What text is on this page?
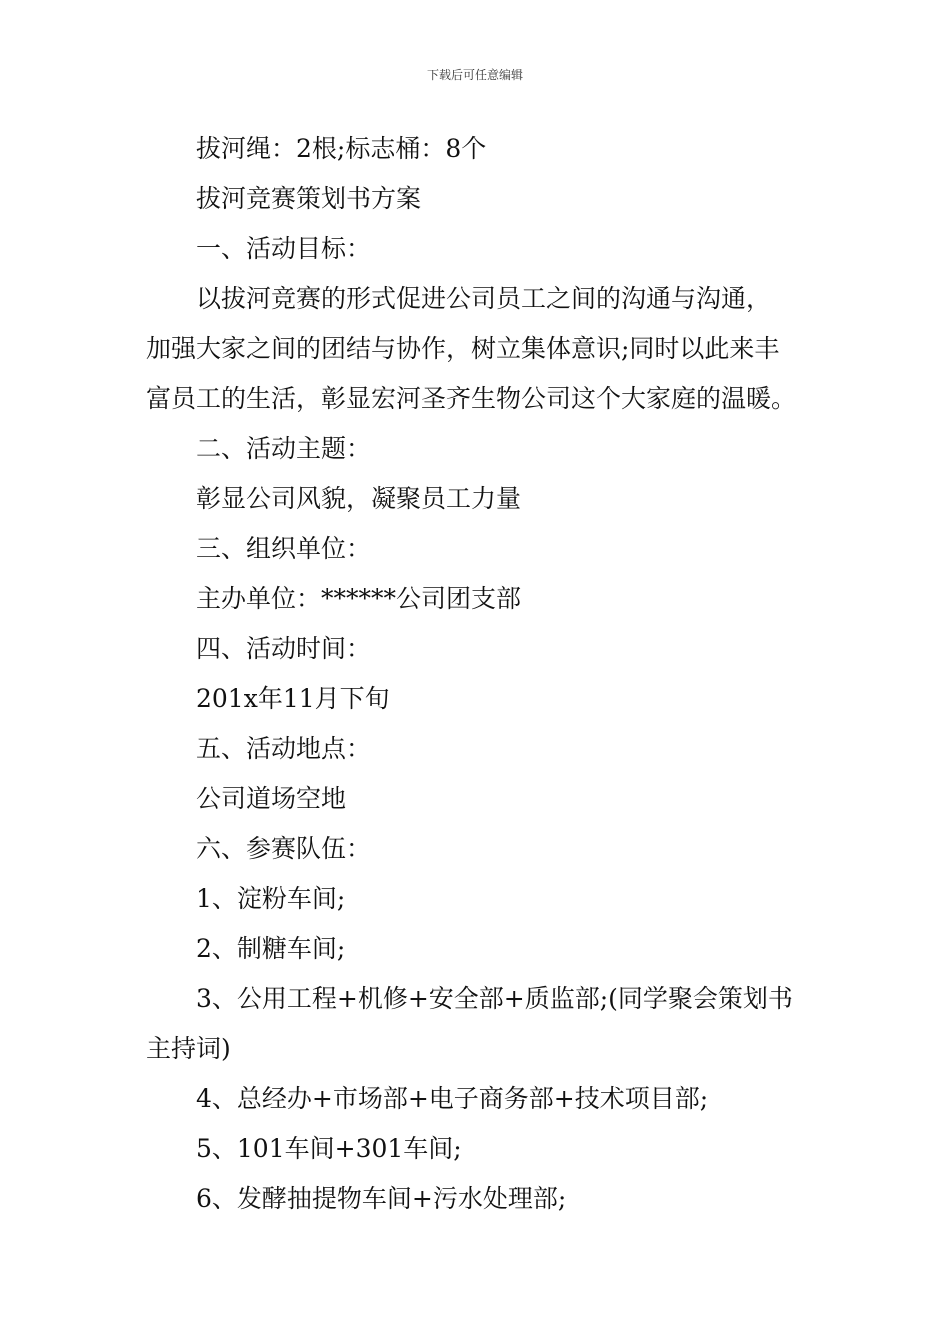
下载后可任意编辑
拔河绳：2根;标志桶：8个
拔河竞赛策划书方案
一、活动目标：
以拔河竞赛的形式促进公司员工之间的沟通与沟通，
加强大家之间的团结与协作，树立集体意识;同时以此来丰
富员工的生活，彰显宏河圣齐生物公司这个大家庭的温暖。
二、活动主题：
彰显公司风貌，凝聚员工力量
三、组织单位：
主办单位：******公司团支部
四、活动时间：
201x年11月下旬
五、活动地点：
公司道场空地
六、参赛队伍：
1、淀粉车间;
2、制糖车间;
3、公用工程+机修+安全部+质监部;(同学聚会策划书
主持词)
4、总经办+市场部+电子商务部+技术项目部;
5、101车间+301车间;
6、发酵抽提物车间+污水处理部;
